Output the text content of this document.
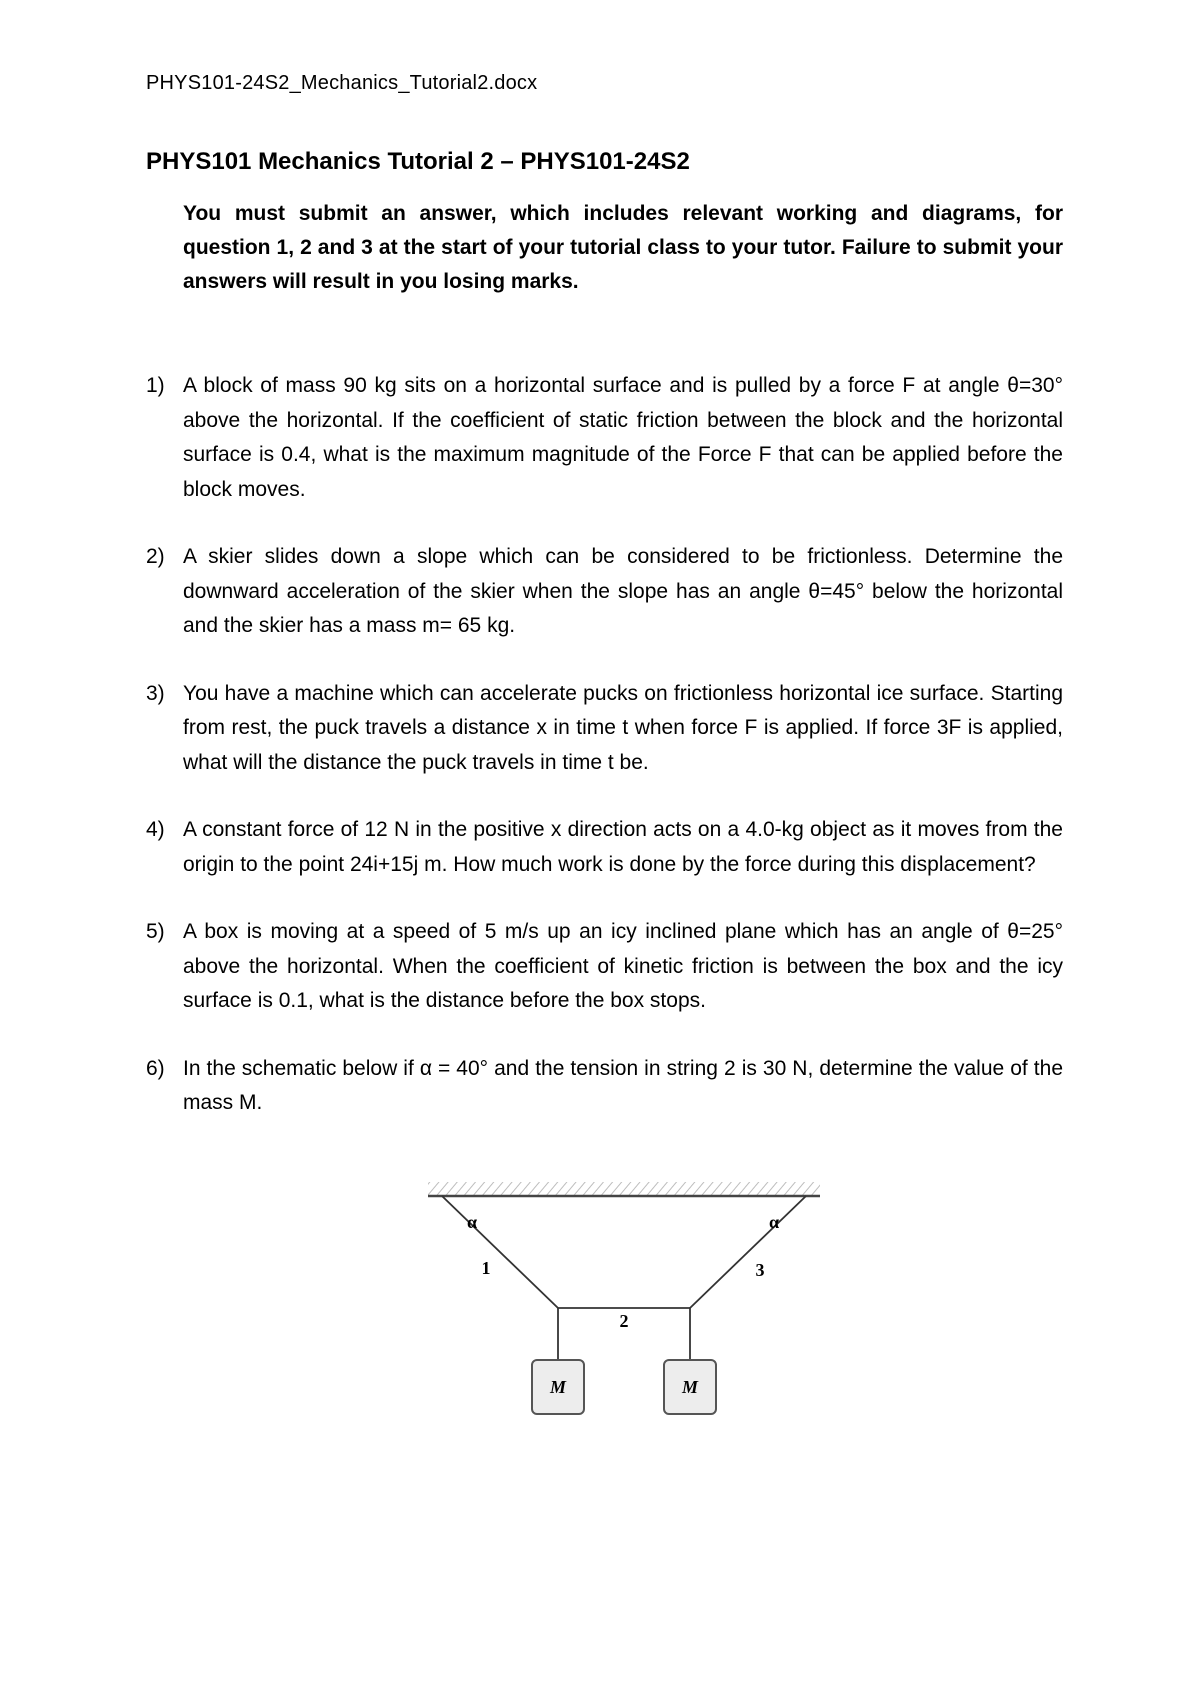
PHYS101-24S2_Mechanics_Tutorial2.docx
PHYS101 Mechanics Tutorial 2 – PHYS101-24S2

You must submit an answer, which includes relevant working and diagrams, for question 1, 2 and 3 at the start of your tutorial class to your tutor. Failure to submit your answers will result in you losing marks.

1) A block of mass 90 kg sits on a horizontal surface and is pulled by a force F at angle θ=30° above the horizontal. If the coefficient of static friction between the block and the horizontal surface is 0.4, what is the maximum magnitude of the Force F that can be applied before the block moves.
2) A skier slides down a slope which can be considered to be frictionless. Determine the downward acceleration of the skier when the slope has an angle θ=45° below the horizontal and the skier has a mass m= 65 kg.
3) You have a machine which can accelerate pucks on frictionless horizontal ice surface. Starting from rest, the puck travels a distance x in time t when force F is applied. If force 3F is applied, what will the distance the puck travels in time t be.
4) A constant force of 12 N in the positive x direction acts on a 4.0-kg object as it moves from the origin to the point 24i+15j m. How much work is done by the force during this displacement?
5) A box is moving at a speed of 5 m/s up an icy inclined plane which has an angle of θ=25° above the horizontal. When the coefficient of kinetic friction is between the box and the icy surface is 0.1, what is the distance before the box stops.
6) In the schematic below if α = 40° and the tension in string 2 is 30 N, determine the value of the mass M.
α	α
1	3
2
M	M
